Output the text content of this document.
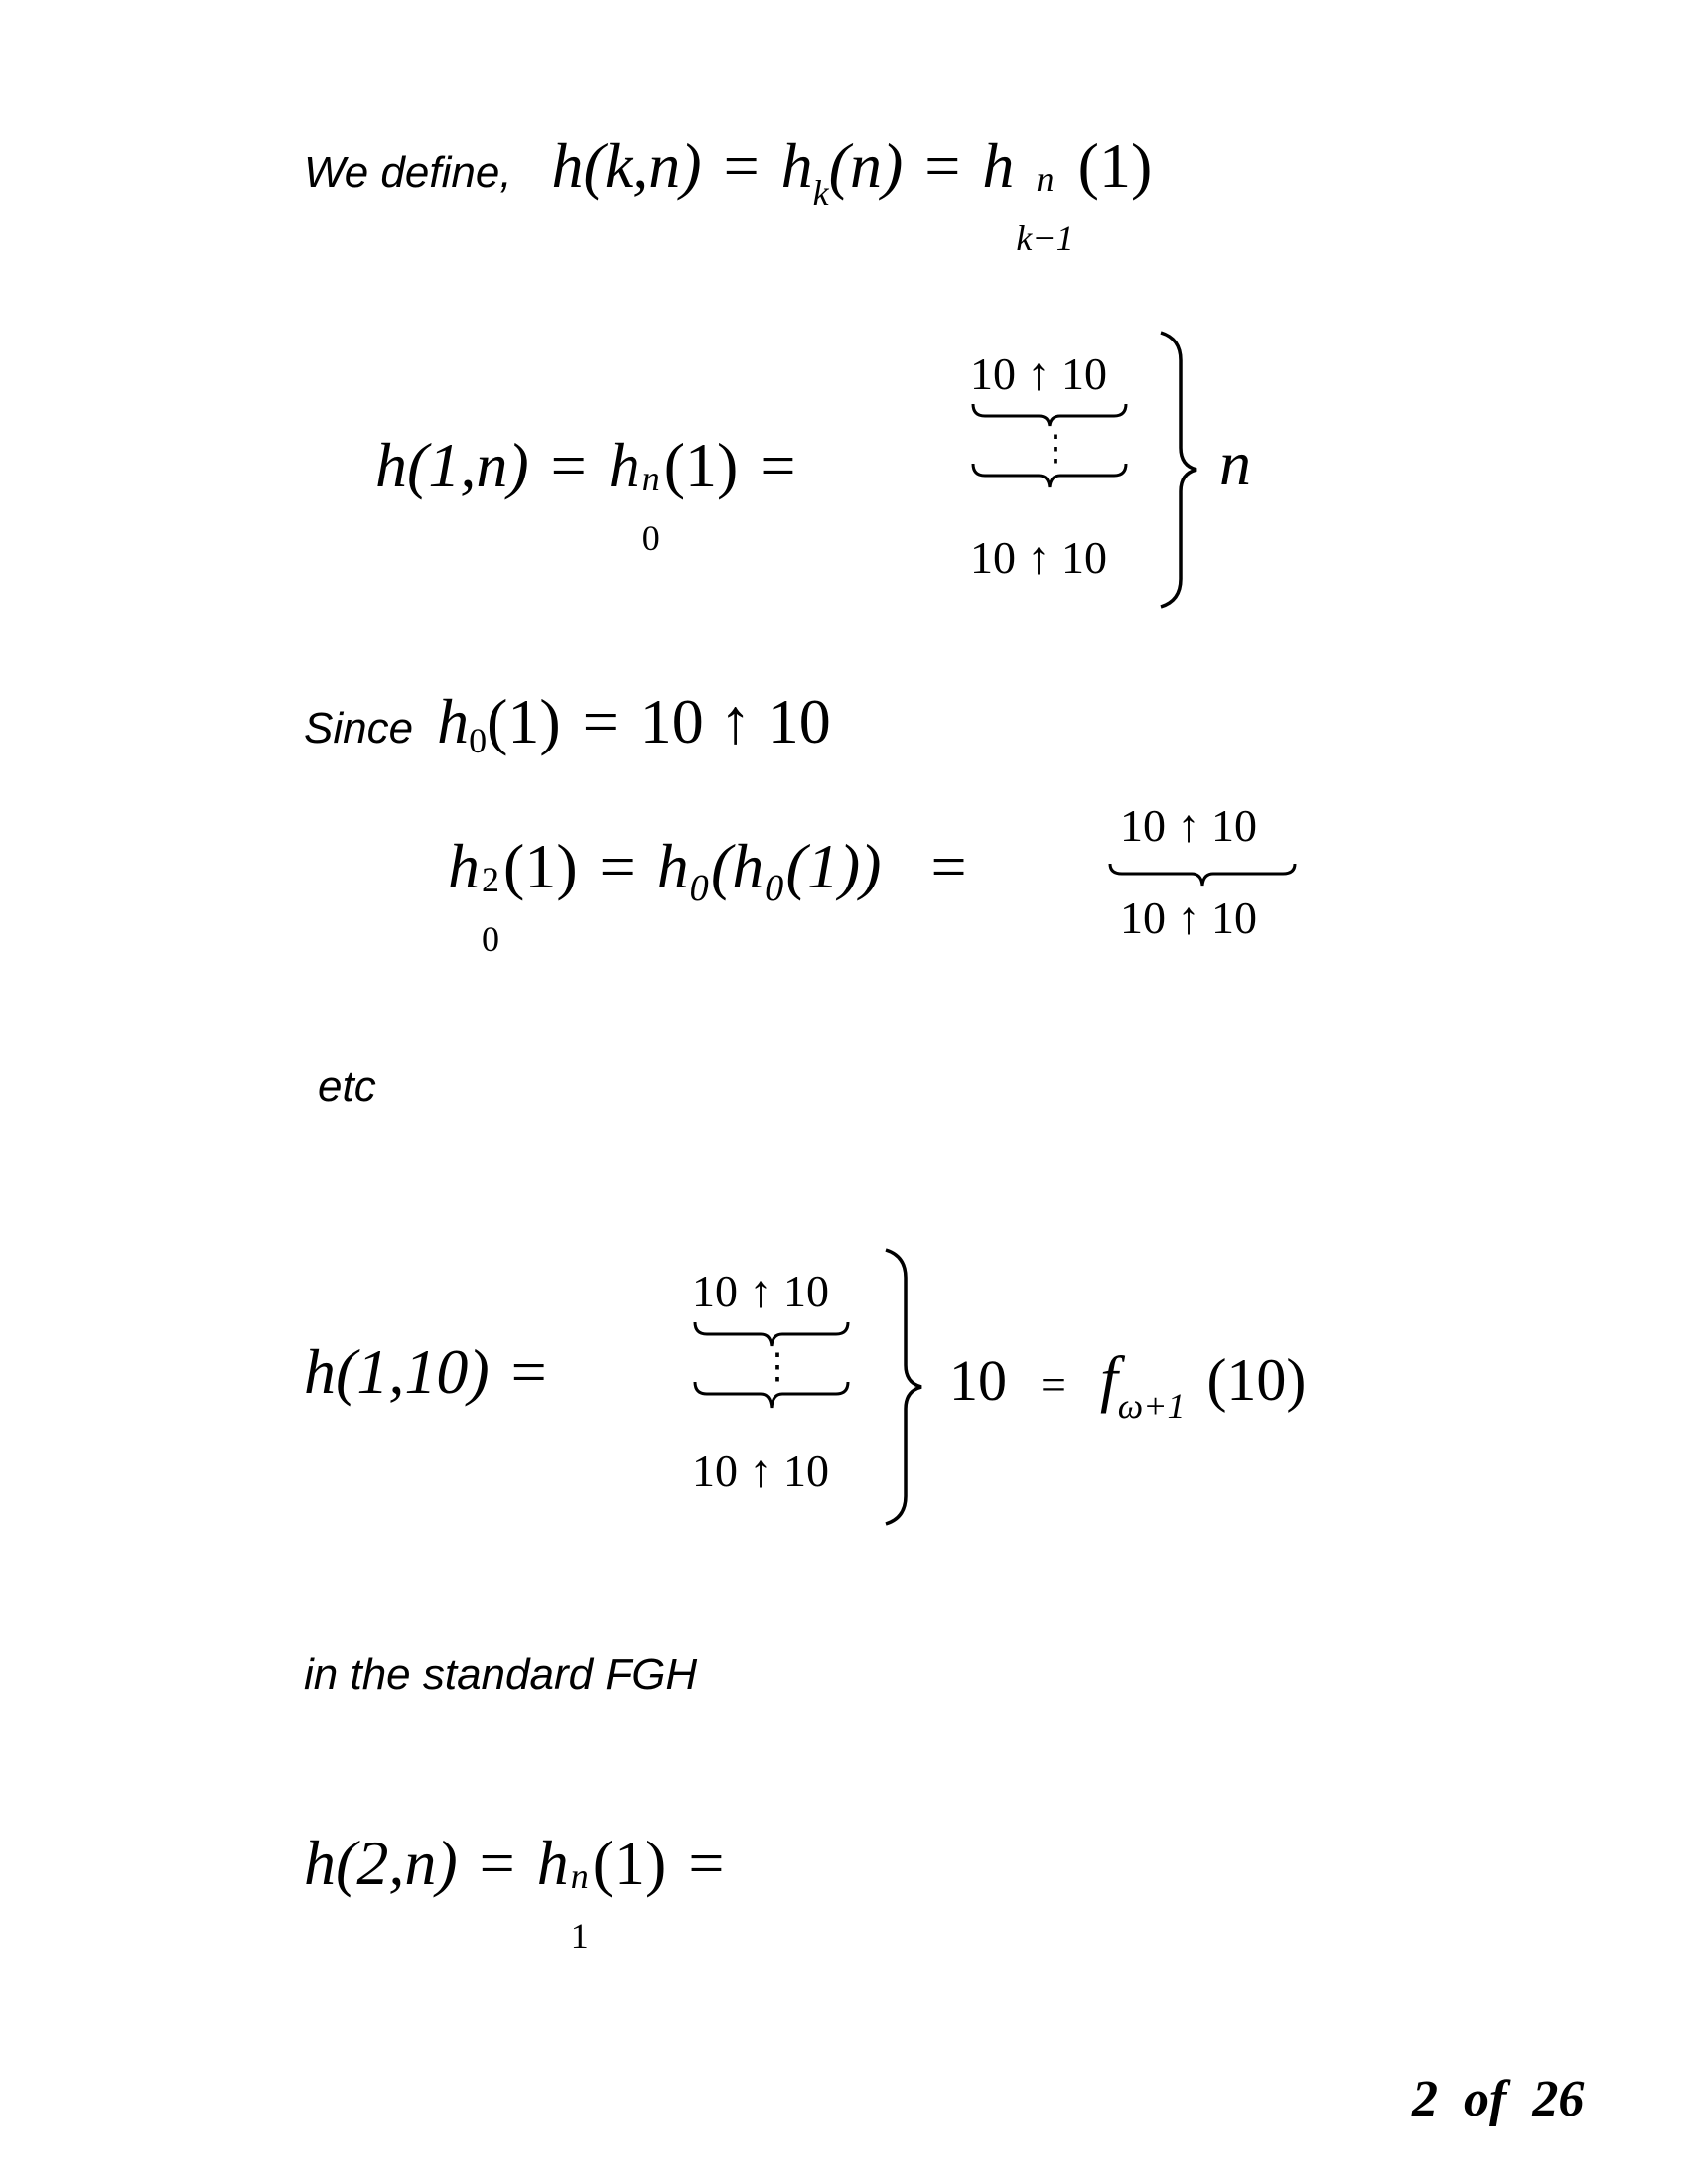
We define, h(k,n) = h k (n) = h n
k−1
(1)
h(1,n) = h n
0
(1) =
10 ↑ 10
⋮
10 ↑ 10
n
Since h 0 (1) = 10 ↑ 10
h 2
0
(1) = h₀(h₀(1)) =
10 ↑ 10
10 ↑ 10
etc
h(1,10) =
10 ↑ 10
⋮
10 ↑ 10
10 = f ω+1 (10)
in the standard FGH
h(2,n) = h n
1
(1) =
2  of  26
